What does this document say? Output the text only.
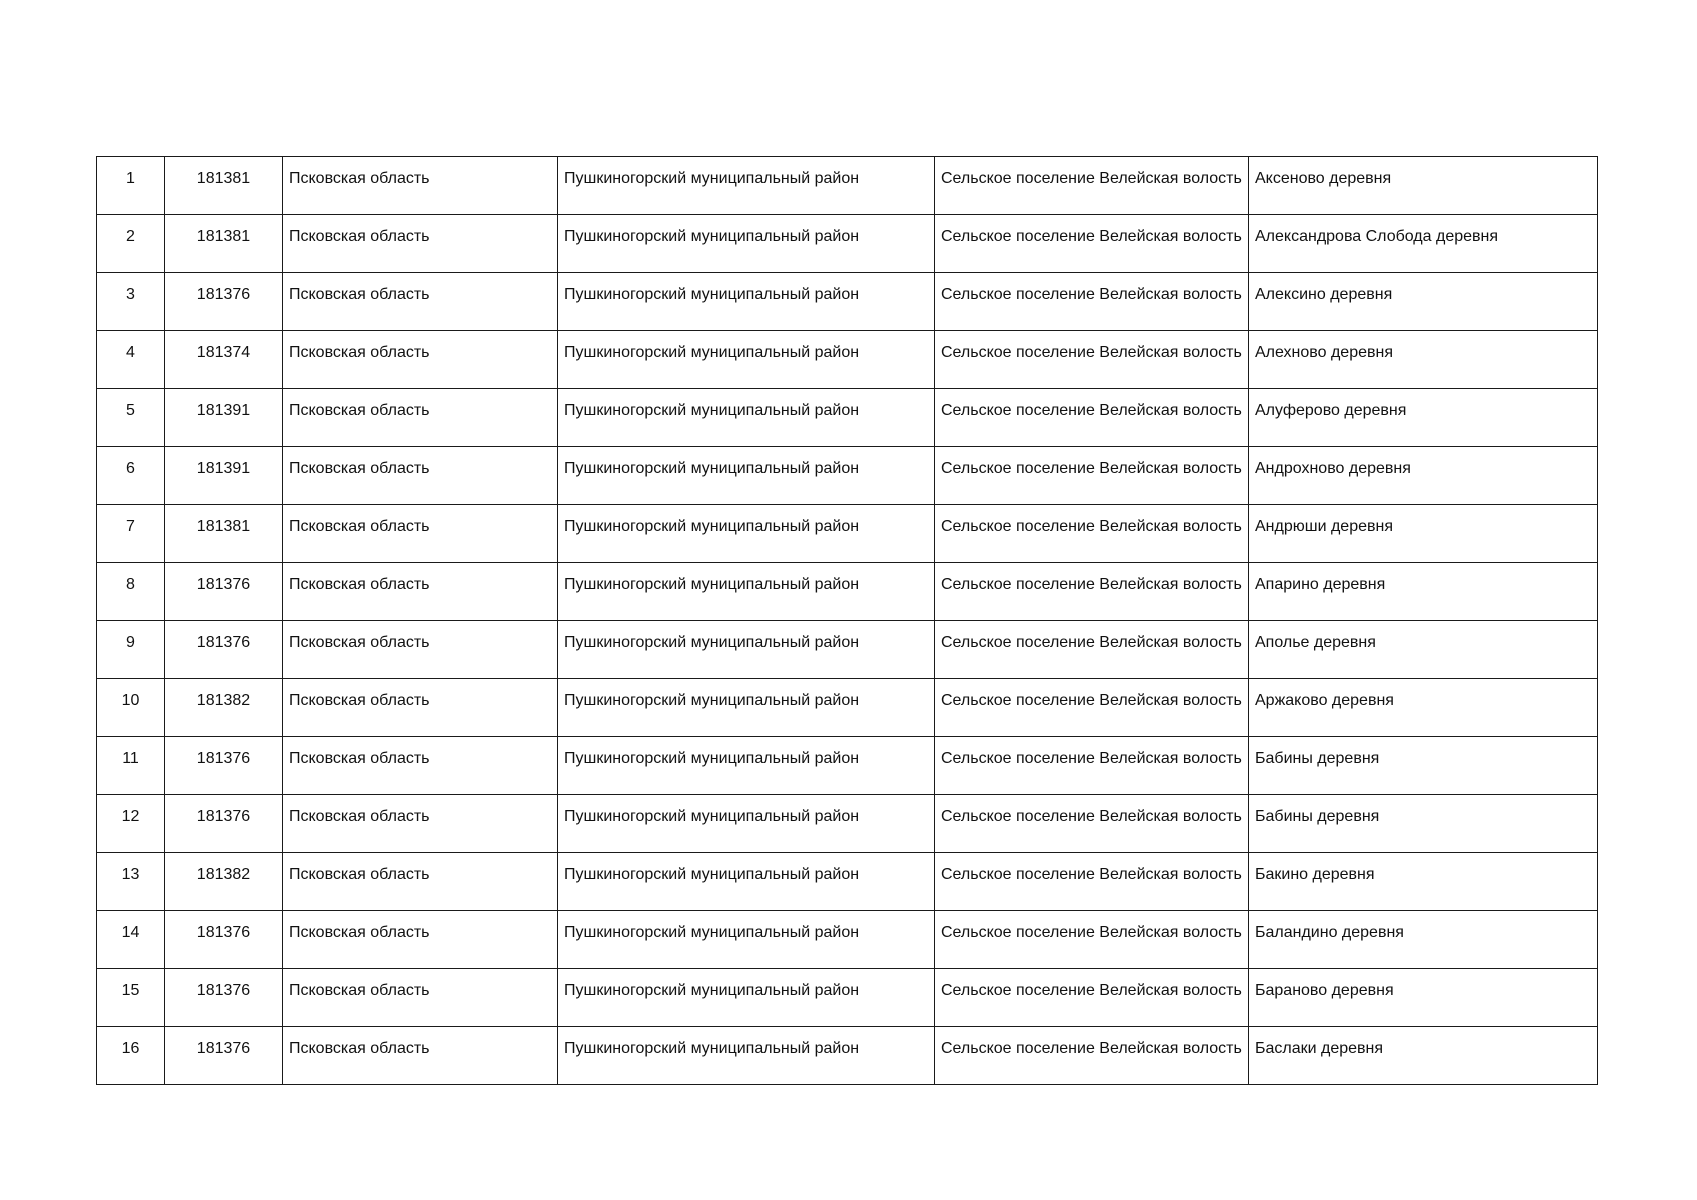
1	181381	Псковская область	Пушкиногорский муниципальный район	Сельское поселение Велейская волость	Аксеново деревня
2	181381	Псковская область	Пушкиногорский муниципальный район	Сельское поселение Велейская волость	Александрова Слобода деревня
3	181376	Псковская область	Пушкиногорский муниципальный район	Сельское поселение Велейская волость	Алексино деревня
4	181374	Псковская область	Пушкиногорский муниципальный район	Сельское поселение Велейская волость	Алехново деревня
5	181391	Псковская область	Пушкиногорский муниципальный район	Сельское поселение Велейская волость	Алуферово деревня
6	181391	Псковская область	Пушкиногорский муниципальный район	Сельское поселение Велейская волость	Андрохново деревня
7	181381	Псковская область	Пушкиногорский муниципальный район	Сельское поселение Велейская волость	Андрюши деревня
8	181376	Псковская область	Пушкиногорский муниципальный район	Сельское поселение Велейская волость	Апарино деревня
9	181376	Псковская область	Пушкиногорский муниципальный район	Сельское поселение Велейская волость	Аполье деревня
10	181382	Псковская область	Пушкиногорский муниципальный район	Сельское поселение Велейская волость	Аржаково деревня
11	181376	Псковская область	Пушкиногорский муниципальный район	Сельское поселение Велейская волость	Бабины деревня
12	181376	Псковская область	Пушкиногорский муниципальный район	Сельское поселение Велейская волость	Бабины деревня
13	181382	Псковская область	Пушкиногорский муниципальный район	Сельское поселение Велейская волость	Бакино деревня
14	181376	Псковская область	Пушкиногорский муниципальный район	Сельское поселение Велейская волость	Баландино деревня
15	181376	Псковская область	Пушкиногорский муниципальный район	Сельское поселение Велейская волость	Бараново деревня
16	181376	Псковская область	Пушкиногорский муниципальный район	Сельское поселение Велейская волость	Баслаки деревня
